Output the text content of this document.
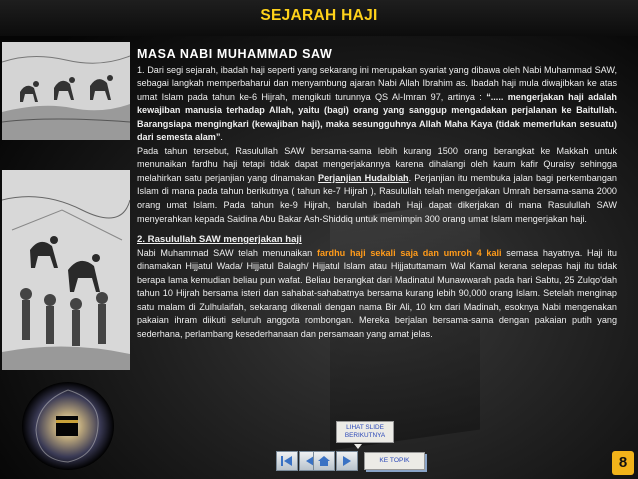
SEJARAH HAJI

MASA NABI MUHAMMAD SAW

1. Dari segi sejarah, ibadah haji seperti yang sekarang ini merupakan syariat yang dibawa oleh Nabi Muhammad SAW, sebagai langkah memperbaharui dan menyambung ajaran Nabi Allah Ibrahim as. Ibadah haji mula diwajibkan ke atas umat Islam pada tahun ke-6 Hijrah, mengikuti turunnya QS Al-Imran 97, artinya : “..... mengerjakan haji adalah kewajiban manusia terhadap Allah, yaitu (bagi) orang yang sanggup mengadakan perjalanan ke Baitullah. Barangsiapa mengingkari (kewajiban haji), maka sesungguhnya Allah Maha Kaya (tidak memerlukan sesuatu) dari semesta alam”.

Pada tahun tersebut, Rasulullah SAW bersama-sama lebih kurang 1500 orang berangkat ke Makkah untuk menunaikan fardhu haji tetapi tidak dapat mengerjakannya karena dihalangi oleh kaum kafir Quraisy sehingga melahirkan satu perjanjian yang dinamakan Perjanjian Hudaibiah. Perjanjian itu membuka jalan bagi perkembangan Islam di mana pada tahun berikutnya ( tahun ke-7 Hijrah ), Rasulullah telah mengerjakan Umrah bersama-sama 2000 orang umat Islam. Pada tahun ke-9 Hijrah, barulah ibadah Haji dapat dikerjakan di mana Rasulullah SAW menyerahkan kepada Saidina Abu Bakar Ash-Shiddiq untuk memimpin 300 orang umat Islam mengerjakan haji.

2. Rasulullah SAW mengerjakan haji

Nabi Muhammad SAW telah menunaikan fardhu haji sekali saja dan umroh 4 kali semasa hayatnya. Haji itu dinamakan Hijjatul Wada/ Hijjatul Balagh/ Hijjatul Islam atau Hijjatuttamam Wal Kamal kerana selepas haji itu tidak berapa lama kemudian beliau pun wafat. Beliau berangkat dari Madinatul Munawwarah pada hari Sabtu, 25 Zulqo'dah tahun 10 Hijrah bersama isteri dan sahabat-sahabatnya bersama kurang lebih 90,000 orang Islam. Setelah menginap satu malam di Zulhulaifah, sekarang dikenali dengan nama Bir Ali, 10 km dari Madinah, esoknya Nabi mengenakan pakaian ihram diikuti seluruh anggota rombongan. Mereka berjalan bersama-sama dengan pakaian putih yang sederhana, perlambang kesederhanaan dan persamaan yang amat jelas.

LIHAT SLIDE BERIKUTNYA
KE TOPIK	8
